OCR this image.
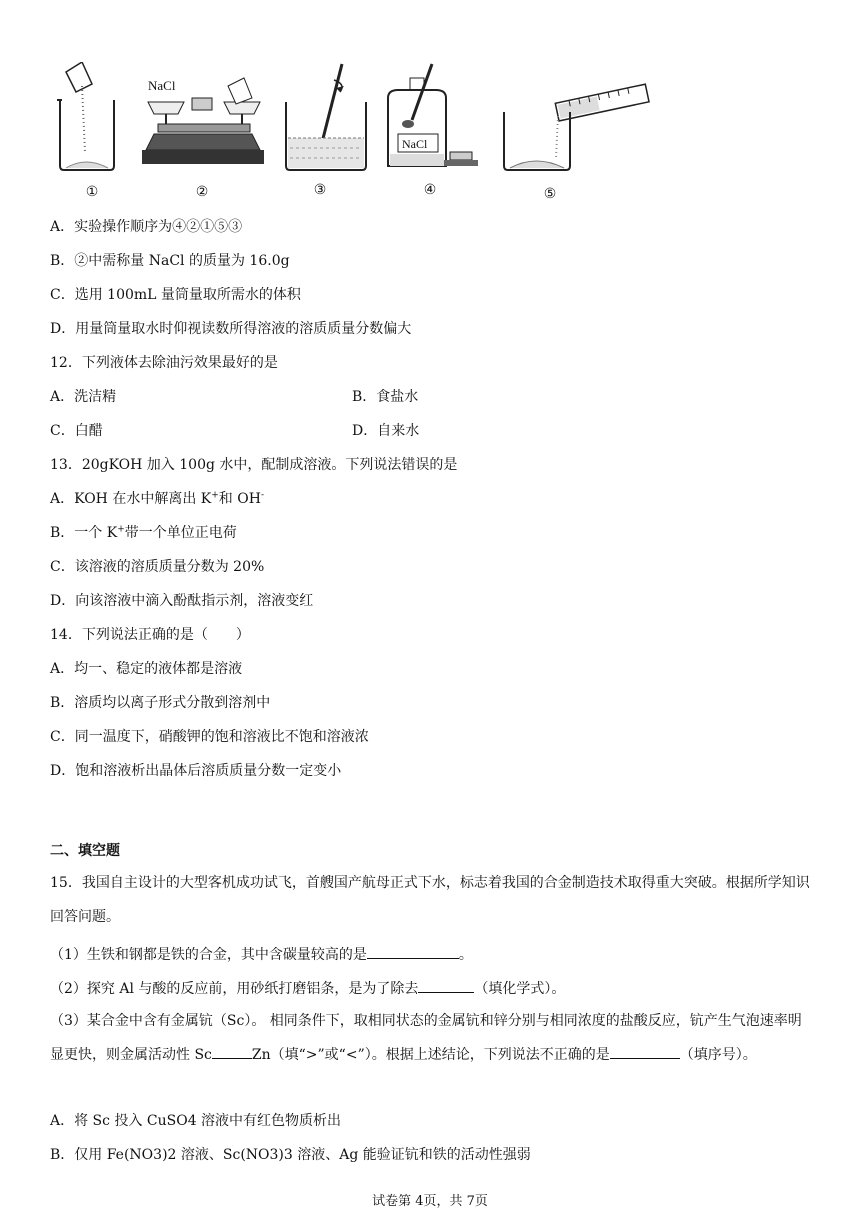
①
NaCl
②	③
NaCl
④	⑤
A．实验操作顺序为④②①⑤③
B．②中需称量 NaCl 的质量为 16.0g
C．选用 100mL 量筒量取所需水的体积
D．用量筒量取水时仰视读数所得溶液的溶质质量分数偏大
12．下列液体去除油污效果最好的是
A．洗洁精	B．食盐水
C．白醋	D．自来水
13．20gKOH 加入 100g 水中，配制成溶液。下列说法错误的是
A．KOH 在水中解离出 K+和 OH-
B．一个 K+带一个单位正电荷
C．该溶液的溶质质量分数为 20%
D．向该溶液中滴入酚酞指示剂，溶液变红
14．下列说法正确的是（　　）
A．均一、稳定的液体都是溶液
B．溶质均以离子形式分散到溶剂中
C．同一温度下，硝酸钾的饱和溶液比不饱和溶液浓
D．饱和溶液析出晶体后溶质质量分数一定变小
二、填空题
15．我国自主设计的大型客机成功试飞，首艘国产航母正式下水，标志着我国的合金制造技术取得重大突破。根据所学知识回答问题。
（1）生铁和钢都是铁的合金，其中含碳量较高的是	。
（2）探究 Al 与酸的反应前，用砂纸打磨铝条，是为了除去	（填化学式）。
（3）某合金中含有金属钪（Sc）。 相同条件下，取相同状态的金属钪和锌分别与相同浓度的盐酸反应，钪产生气泡速率明显更快，则金属活动性 Sc	Zn（填“>”或“<”）。根据上述结论，下列说法不正确的是	（填序号）。
A．将 Sc 投入 CuSO4 溶液中有红色物质析出
B．仅用 Fe(NO3)2 溶液、Sc(NO3)3 溶液、Ag 能验证钪和铁的活动性强弱
试卷第 4页，共 7页
